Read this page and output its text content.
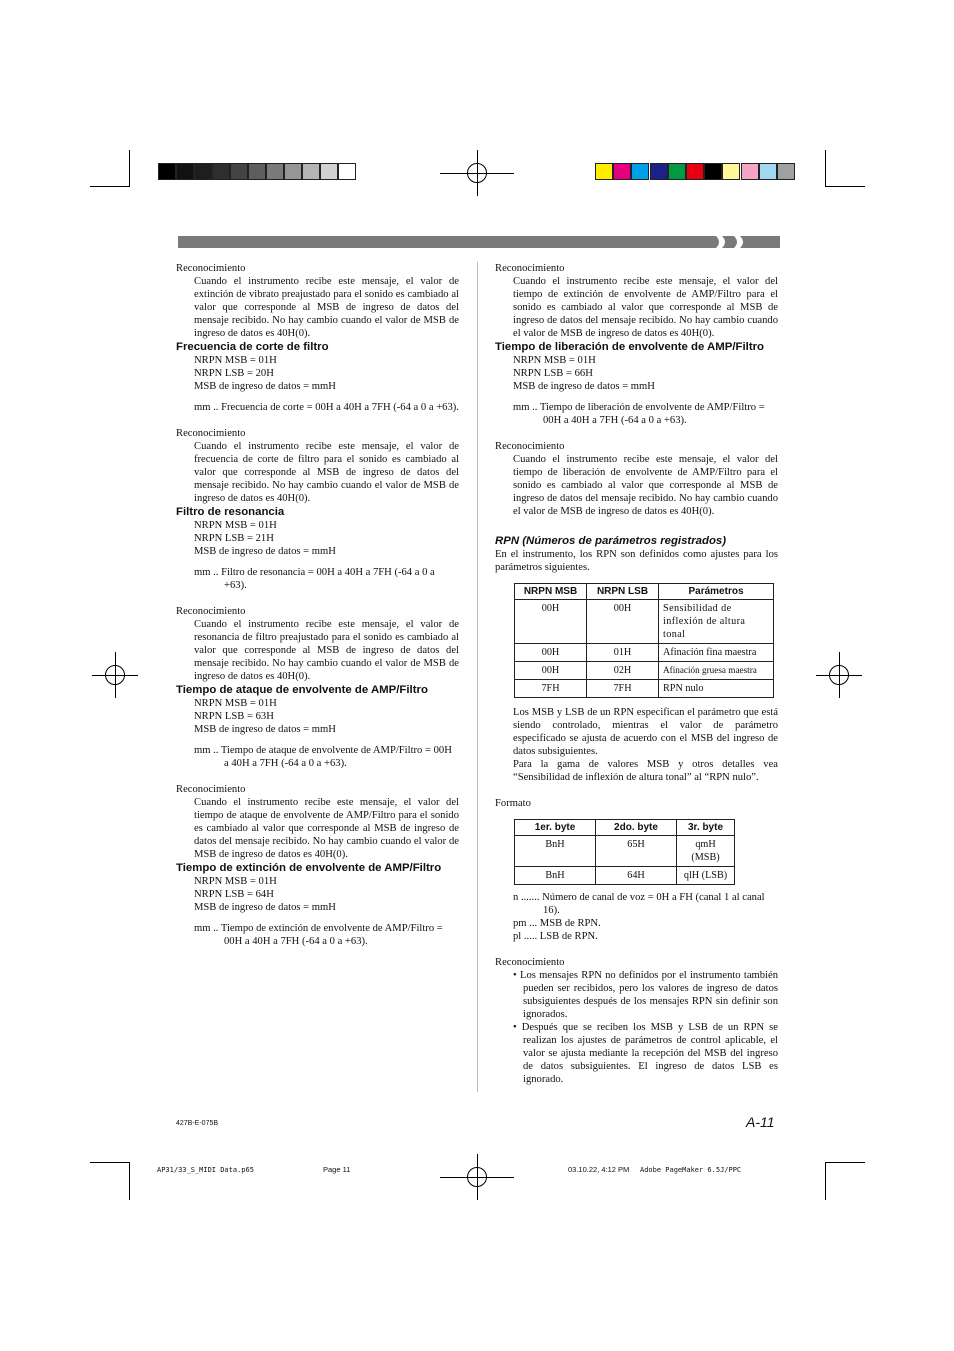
Reconocimiento

Cuando el instrumento recibe este mensaje, el valor de extinción de vibrato preajustado para el sonido es cambiado al valor que corresponde al MSB de ingreso de datos del mensaje recibido. No hay cambio cuando el valor de MSB de ingreso de datos es 40H(0).

Frecuencia de corte de filtro

NRPN MSB = 01H

NRPN LSB = 20H

MSB de ingreso de datos = mmH

mm .. Frecuencia de corte = 00H a 40H a 7FH (-64 a 0 a +63).

Reconocimiento

Cuando el instrumento recibe este mensaje, el valor de frecuencia de corte de filtro para el sonido es cambiado al valor que corresponde al MSB de ingreso de datos del mensaje recibido. No hay cambio cuando el valor de MSB de ingreso de datos es 40H(0).

Filtro de resonancia

NRPN MSB = 01H

NRPN LSB = 21H

MSB de ingreso de datos = mmH

mm .. Filtro de resonancia = 00H a 40H a 7FH (-64 a 0 a +63).

Reconocimiento

Cuando el instrumento recibe este mensaje, el valor de resonancia de filtro preajustado para el sonido es cambiado al valor que corresponde al MSB de ingreso de datos del mensaje recibido. No hay cambio cuando el valor de MSB de ingreso de datos es 40H(0).

Tiempo de ataque de envolvente de AMP/Filtro

NRPN MSB = 01H

NRPN LSB = 63H

MSB de ingreso de datos = mmH

mm .. Tiempo de ataque de envolvente de AMP/Filtro = 00H a 40H a 7FH (-64 a 0 a +63).

Reconocimiento

Cuando el instrumento recibe este mensaje, el valor del tiempo de ataque de envolvente de AMP/Filtro para el sonido es cambiado al valor que corresponde al MSB de ingreso de datos del mensaje recibido. No hay cambio cuando el valor de MSB de ingreso de datos es 40H(0).

Tiempo de extinción de envolvente de AMP/Filtro

NRPN MSB = 01H

NRPN LSB = 64H

MSB de ingreso de datos = mmH

mm .. Tiempo de extinción de envolvente de AMP/Filtro = 00H a 40H a 7FH (-64 a 0 a +63).

Reconocimiento

Cuando el instrumento recibe este mensaje, el valor del tiempo de extinción de envolvente de AMP/Filtro para el sonido es cambiado al valor que corresponde al MSB de ingreso de datos del mensaje recibido. No hay cambio cuando el valor de MSB de ingreso de datos es 40H(0).

Tiempo de liberación de envolvente de AMP/Filtro

NRPN MSB = 01H

NRPN LSB = 66H

MSB de ingreso de datos = mmH

mm .. Tiempo de liberación de envolvente de AMP/Filtro = 00H a 40H a 7FH (-64 a 0 a +63).

Reconocimiento

Cuando el instrumento recibe este mensaje, el valor del tiempo de liberación de envolvente de AMP/Filtro para el sonido es cambiado al valor que corresponde al MSB de ingreso de datos del mensaje recibido. No hay cambio cuando el valor de MSB de ingreso de datos es 40H(0).

RPN (Números de parámetros registrados)

En el instrumento, los RPN son definidos como ajustes para los parámetros siguientes.

NRPN MSB	NRPN LSB	Parámetros
00H	00H	Sensibilidad de inflexión de altura tonal
00H	01H	Afinación fina maestra
00H	02H	Afinación gruesa maestra
7FH	7FH	RPN nulo

Los MSB y LSB de un RPN especifican el parámetro que está siendo controlado, mientras el valor de parámetro especificado se ajusta de acuerdo con el MSB del ingreso de datos subsiguientes.

Para la gama de valores MSB y otros detalles vea “Sensibilidad de inflexión de altura tonal” al “RPN nulo”.

Formato

1er. byte	2do. byte	3r. byte
BnH	65H	qmH (MSB)
BnH	64H	qlH (LSB)

n ....... Número de canal de voz = 0H a FH (canal 1 al canal 16).

pm ... MSB de RPN.

pl ..... LSB de RPN.

Reconocimiento

• Los mensajes RPN no definidos por el instrumento también pueden ser recibidos, pero los valores de ingreso de datos subsiguientes después de los mensajes RPN sin definir son ignorados.

• Después que se reciben los MSB y LSB de un RPN se realizan los ajustes de parámetros de control aplicable, el valor se ajusta mediante la recepción del MSB del ingreso de datos subsiguientes. El ingreso de datos LSB es ignorado.

427B-E-075B	A-11
AP31/33_S_MIDI Data.p65	Page 11	03.10.22, 4:12 PM Adobe PageMaker 6.5J/PPC
